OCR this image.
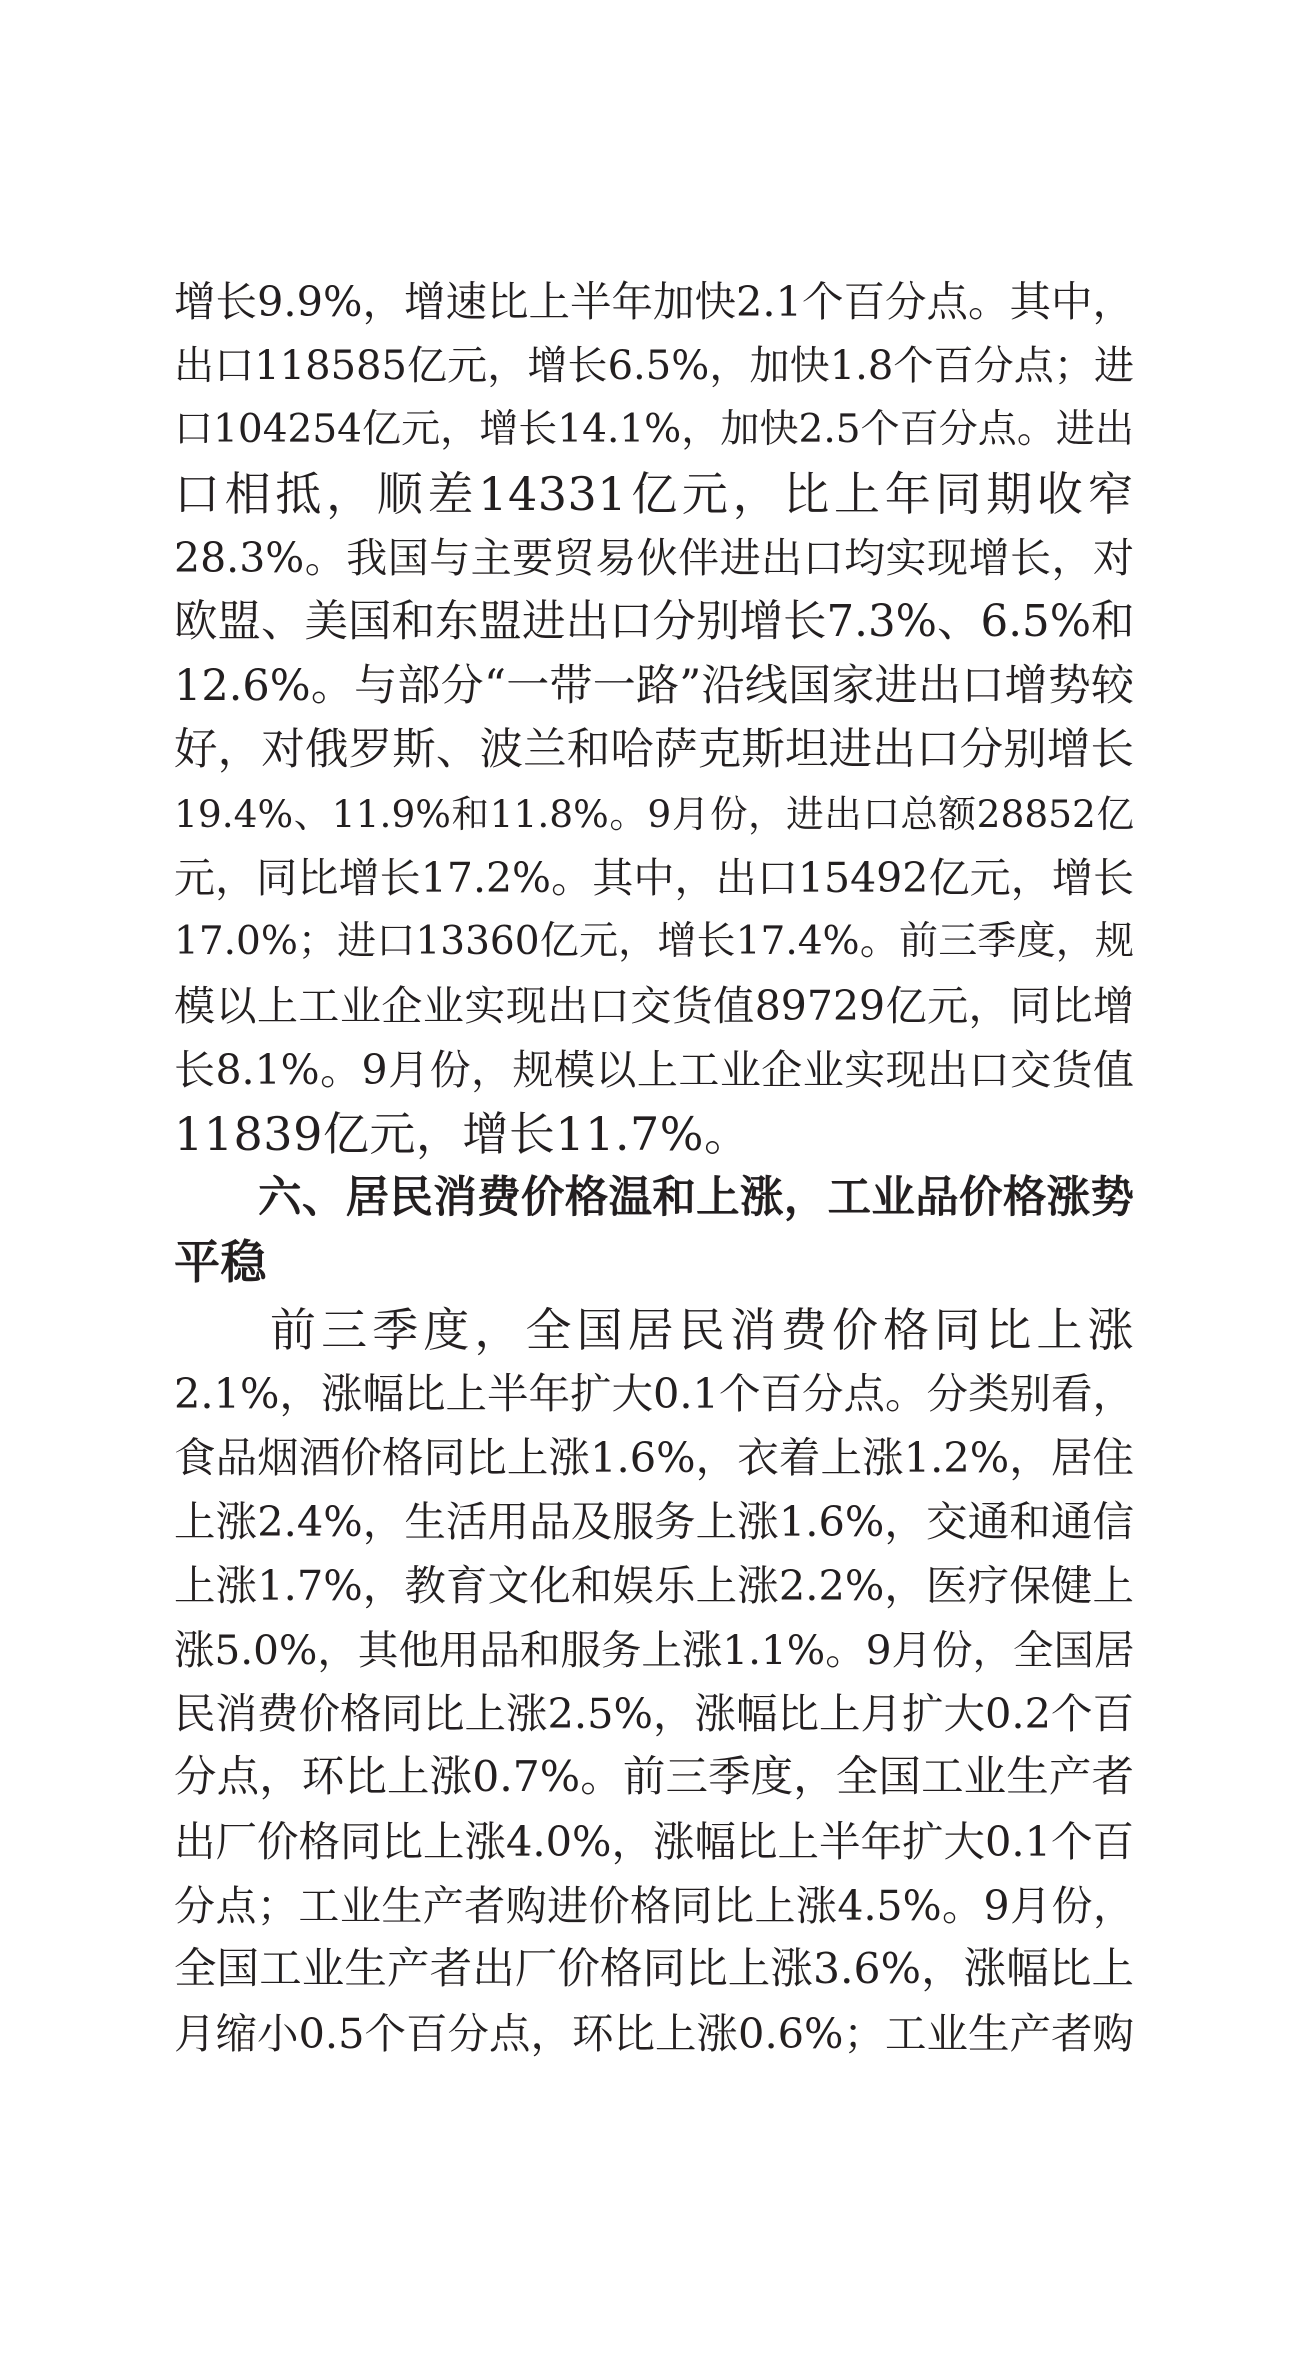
增长9.9%，增速比上半年加快2.1个百分点。其中，
出口118585亿元，增长6.5%，加快1.8个百分点；进
口104254亿元，增长14.1%，加快2.5个百分点。进出
口相抵，顺差14331亿元，比上年同期收窄
28.3%。我国与主要贸易伙伴进出口均实现增长，对
欧盟、美国和东盟进出口分别增长7.3%、6.5%和
12.6%。与部分“一带一路”沿线国家进出口增势较
好，对俄罗斯、波兰和哈萨克斯坦进出口分别增长
19.4%、11.9%和11.8%。9月份，进出口总额28852亿
元，同比增长17.2%。其中，出口15492亿元，增长
17.0%；进口13360亿元，增长17.4%。前三季度，规
模以上工业企业实现出口交货值89729亿元，同比增
长8.1%。9月份，规模以上工业企业实现出口交货值
11839亿元，增长11.7%。
六、居民消费价格温和上涨，工业品价格涨势
平稳
前三季度，全国居民消费价格同比上涨
2.1%，涨幅比上半年扩大0.1个百分点。分类别看，
食品烟酒价格同比上涨1.6%，衣着上涨1.2%，居住
上涨2.4%，生活用品及服务上涨1.6%，交通和通信
上涨1.7%，教育文化和娱乐上涨2.2%，医疗保健上
涨5.0%，其他用品和服务上涨1.1%。9月份，全国居
民消费价格同比上涨2.5%，涨幅比上月扩大0.2个百
分点，环比上涨0.7%。前三季度，全国工业生产者
出厂价格同比上涨4.0%，涨幅比上半年扩大0.1个百
分点；工业生产者购进价格同比上涨4.5%。9月份，
全国工业生产者出厂价格同比上涨3.6%，涨幅比上
月缩小0.5个百分点，环比上涨0.6%；工业生产者购
